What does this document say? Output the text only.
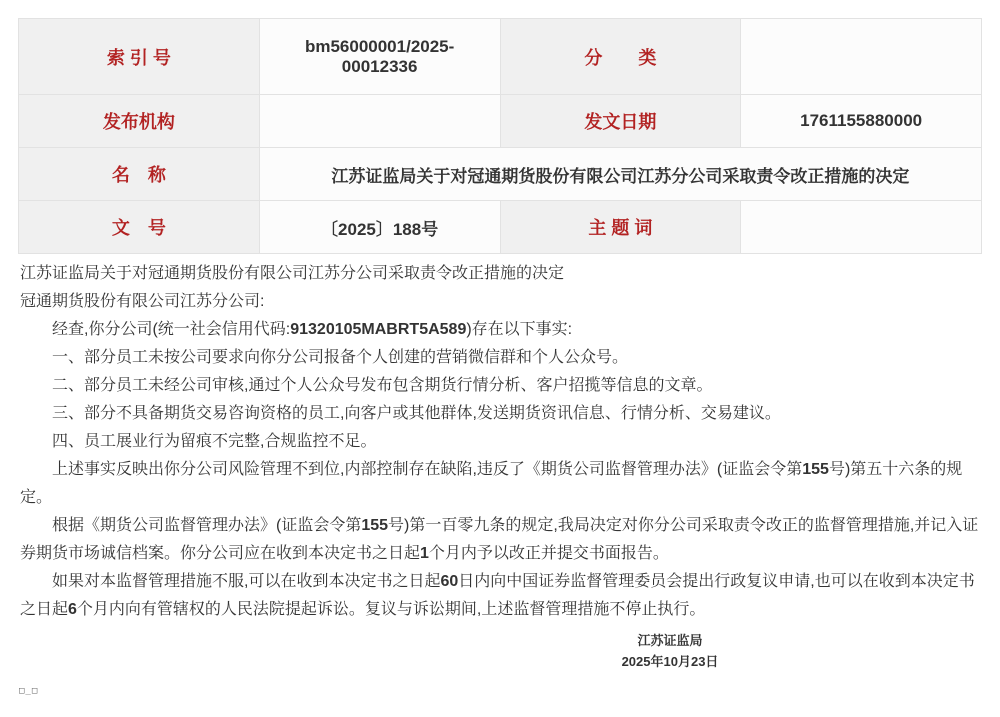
索 引 号	bm56000001/2025-00012336	分　　类	
发布机构		发文日期	1761155880000
名　称	江苏证监局关于对冠通期货股份有限公司江苏分公司采取责令改正措施的决定		
文　号	〔2025〕188号	主 题 词	

江苏证监局关于对冠通期货股份有限公司江苏分公司采取责令改正措施的决定

冠通期货股份有限公司江苏分公司:

经查,你分公司(统一社会信用代码:91320105MABRT5A589)存在以下事实:

一、部分员工未按公司要求向你分公司报备个人创建的营销微信群和个人公众号。

二、部分员工未经公司审核,通过个人公众号发布包含期货行情分析、客户招揽等信息的文章。

三、部分不具备期货交易咨询资格的员工,向客户或其他群体,发送期货资讯信息、行情分析、交易建议。

四、员工展业行为留痕不完整,合规监控不足。

上述事实反映出你分公司风险管理不到位,内部控制存在缺陷,违反了《期货公司监督管理办法》(证监会令第155号)第五十六条的规定。

根据《期货公司监督管理办法》(证监会令第155号)第一百零九条的规定,我局决定对你分公司采取责令改正的监督管理措施,并记入证券期货市场诚信档案。你分公司应在收到本决定书之日起1个月内予以改正并提交书面报告。

如果对本监督管理措施不服,可以在收到本决定书之日起60日内向中国证券监督管理委员会提出行政复议申请,也可以在收到本决定书之日起6个月内向有管辖权的人民法院提起诉讼。复议与诉讼期间,上述监督管理措施不停止执行。

江苏证监局
2025年10月23日
□_□
